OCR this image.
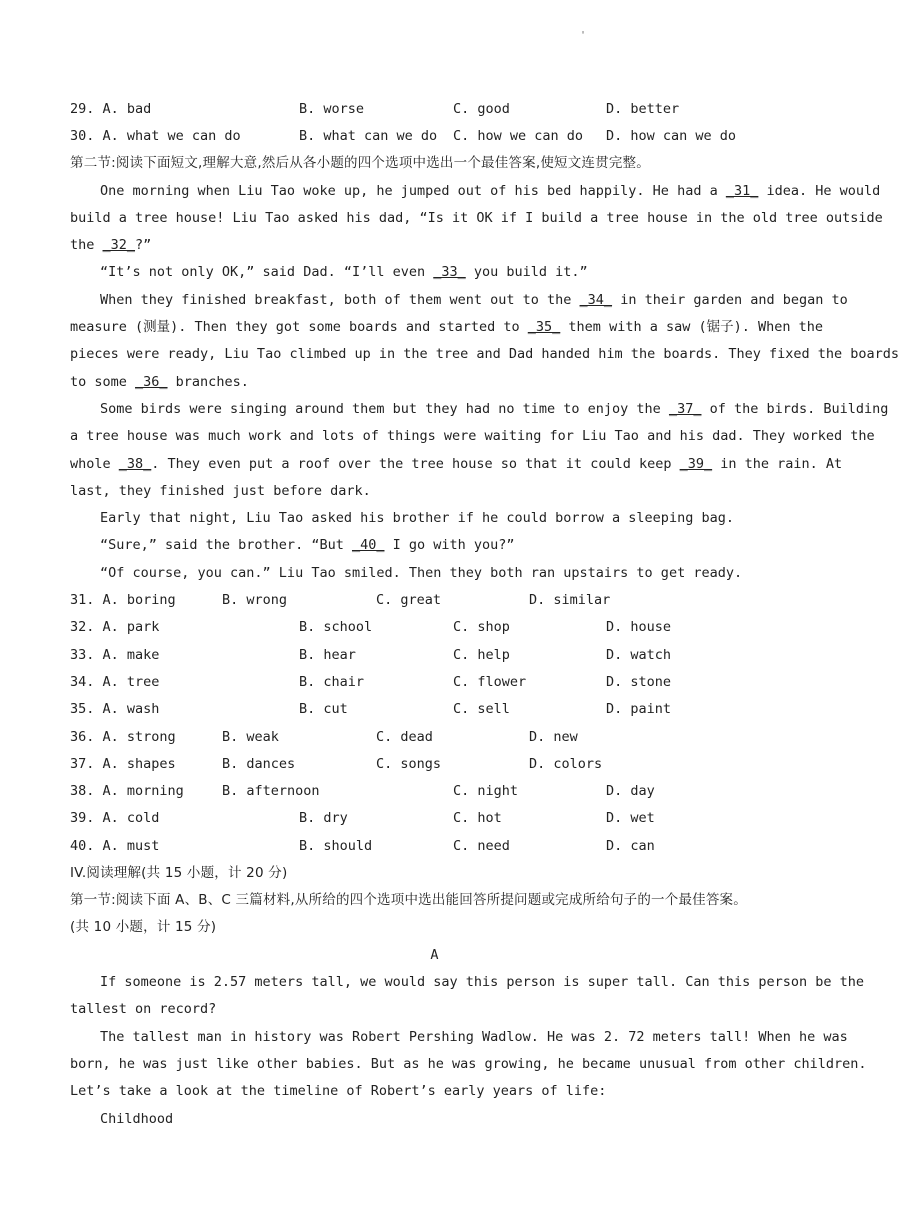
'
29. A. bad	B. worse	C. good	D. better
30. A. what we can do	B. what can we do C. how we can do D. how can we do
第二节:阅读下面短文,理解大意,然后从各小题的四个选项中选出一个最佳答案,使短文连贯完整。
One morning when Liu Tao woke up, he jumped out of his bed happily. He had a _31_ idea. He would
build a tree house! Liu Tao asked his dad, “Is it OK if I build a tree house in the old tree outside
the _32_?”
“It’s not only OK,” said Dad. “I’ll even _33_ you build it.”
When they finished breakfast, both of them went out to the _34_ in their garden and began to
measure (测量). Then they got some boards and started to _35_ them with a saw (锯子). When the
pieces were ready, Liu Tao climbed up in the tree and Dad handed him the boards. They fixed the boards
to some _36_ branches.
Some birds were singing around them but they had no time to enjoy the _37_ of the birds. Building
a tree house was much work and lots of things were waiting for Liu Tao and his dad. They worked the
whole _38_. They even put a roof over the tree house so that it could keep _39_ in the rain. At
last, they finished just before dark.
Early that night, Liu Tao asked his brother if he could borrow a sleeping bag.
“Sure,” said the brother. “But _40_ I go with you?”
“Of course, you can.” Liu Tao smiled. Then they both ran upstairs to get ready.
31. A. boring	B. wrong	C. great	D. similar
32. A. park	B. school	C. shop	D. house
33. A. make	B. hear	C. help	D. watch
34. A. tree	B. chair	C. flower	D. stone
35. A. wash	B. cut	C. sell	D. paint
36. A. strong	B. weak	C. dead	D. new
37. A. shapes	B. dances	C. songs	D. colors
38. A. morning	B. afternoon	C. night	D. day
39. A. cold	B. dry	C. hot	D. wet
40. A. must	B. should	C. need	D. can
IV.阅读理解(共 15 小题，计 20 分)
第一节:阅读下面 A、B、C 三篇材料,从所给的四个选项中选出能回答所提问题或完成所给句子的一个最佳答案。
(共 10 小题，计 15 分)
A
If someone is 2.57 meters tall, we would say this person is super tall. Can this person be the
tallest on record?
The tallest man in history was Robert Pershing Wadlow. He was 2. 72 meters tall! When he was
born, he was just like other babies. But as he was growing, he became unusual from other children.
Let’s take a look at the timeline of Robert’s early years of life:
Childhood
